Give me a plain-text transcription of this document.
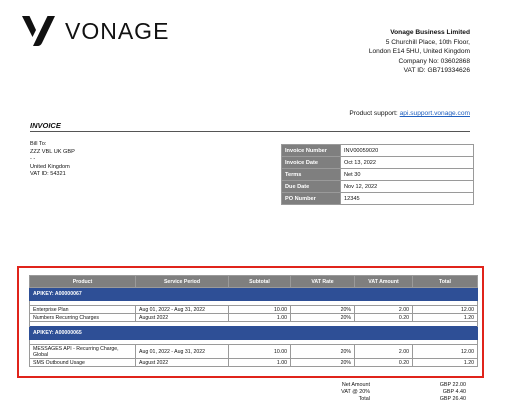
VONAGE	Vonage Business Limited
5 Churchill Place, 10th Floor,
London E14 5HU, United Kingdom
Company No: 03602868
VAT ID: GB719334626
Product support: api.support.vonage.com
INVOICE
Bill To:
ZZZ VBL UK GBP
- -
United Kingdom
VAT ID: 54321
Invoice Number	INV00059020
Invoice Date	Oct 13, 2022
Terms	Net 30
Due Date	Nov 12, 2022
PO Number	12345
Product	Service Period	Subtotal	VAT Rate	VAT Amount	Total
APIKEY: A00000067					

Enterprise Plan	Aug 01, 2022 - Aug 31, 2022	10.00	20%	2.00	12.00
Numbers Recurring Charges	August 2022	1.00	20%	0.20	1.20

APIKEY: A00000065					

MESSAGES API - Recurring Charge, Global	Aug 01, 2022 - Aug 31, 2022	10.00	20%	2.00	12.00
SMS Outbound Usage	August 2022	1.00	20%	0.20	1.20
Net Amount	GBP 22.00
VAT @ 20%	GBP 4.40
Total	GBP 26.40
